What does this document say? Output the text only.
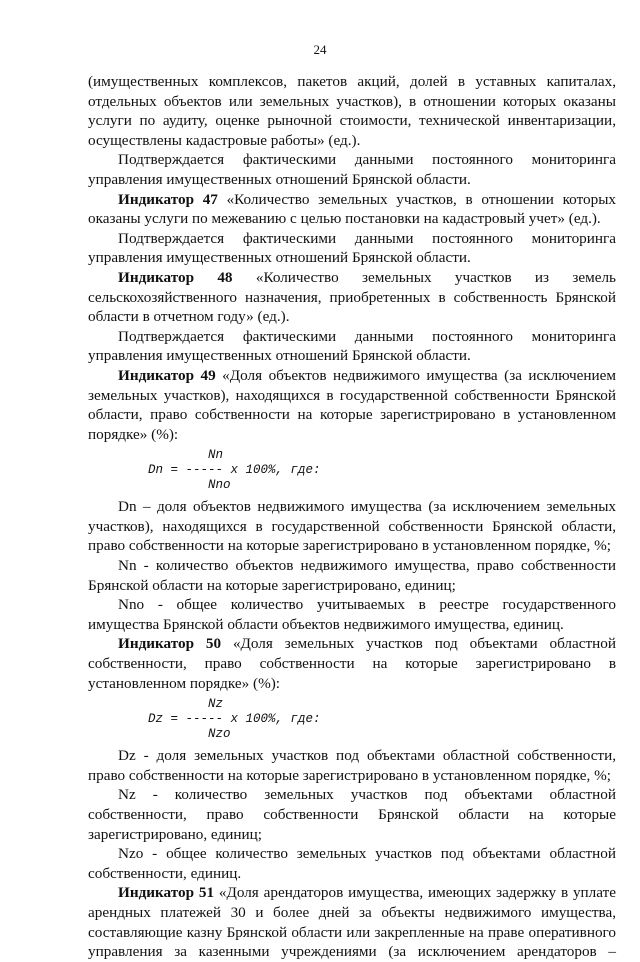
24

(имущественных комплексов, пакетов акций, долей в уставных капиталах, отдельных объектов или земельных участков), в отношении которых оказаны услуги по аудиту, оценке рыночной стоимости, технической инвентаризации, осуществлены кадастровые работы» (ед.).

Подтверждается фактическими данными постоянного мониторинга управления имущественных отношений Брянской области.

Индикатор 47 «Количество земельных участков, в отношении которых оказаны услуги по межеванию с целью постановки на кадастровый учет» (ед.).

Подтверждается фактическими данными постоянного мониторинга управления имущественных отношений Брянской области.

Индикатор 48 «Количество земельных участков из земель сельскохозяйственного назначения, приобретенных в собственность Брянской области в отчетном году» (ед.).

Подтверждается фактическими данными постоянного мониторинга управления имущественных отношений Брянской области.

Индикатор 49 «Доля объектов недвижимого имущества (за исключением земельных участков), находящихся в государственной собственности Брянской области, право собственности на которые зарегистрировано в установленном порядке» (%):

Nn
Dn = ----- x 100%, где:
Nno

Dn – доля объектов недвижимого имущества (за исключением земельных участков), находящихся в государственной собственности Брянской области, право собственности на которые зарегистрировано в установленном порядке, %;

Nn - количество объектов недвижимого имущества, право собственности Брянской области на которые зарегистрировано, единиц;

Nno - общее количество учитываемых в реестре государственного имущества Брянской области объектов недвижимого имущества, единиц.

Индикатор 50 «Доля земельных участков под объектами областной собственности, право собственности на которые зарегистрировано в установленном порядке» (%):

Nz
Dz = ----- x 100%, где:
Nzo

Dz - доля земельных участков под объектами областной собственности, право собственности на которые зарегистрировано в установленном порядке, %;

Nz - количество земельных участков под объектами областной собственности, право собственности Брянской области на которые зарегистрировано, единиц;

Nzo - общее количество земельных участков под объектами областной собственности, единиц.

Индикатор 51 «Доля арендаторов имущества, имеющих задержку в уплате арендных платежей 30 и более дней за объекты недвижимого имущества, составляющие казну Брянской области или закрепленные на праве оперативного управления за казенными учреждениями (за исключением арендаторов –
